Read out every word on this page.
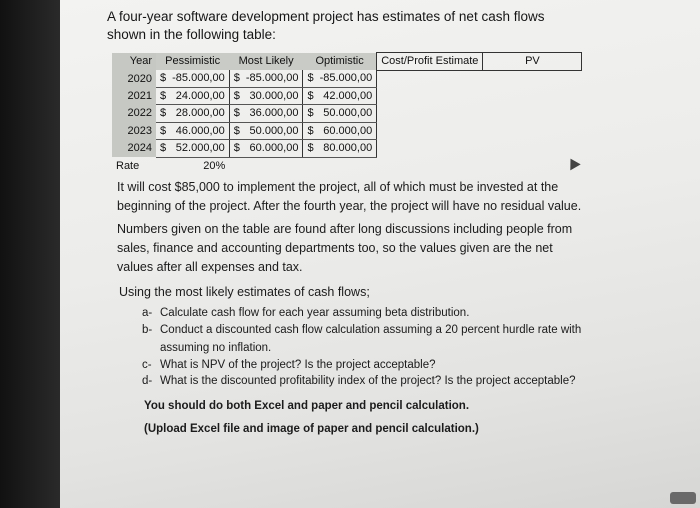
A four-year software development project has estimates of net cash flows shown in the following table:
Year	Pessimistic		Most Likely		Optimistic		Cost/Profit Estimate	PV
2020	$	-85.000,00	$	-85.000,00	$	-85.000,00		
2021	$	24.000,00	$	30.000,00	$	42.000,00		
2022	$	28.000,00	$	36.000,00	$	50.000,00		
2023	$	46.000,00	$	50.000,00	$	60.000,00		
2024	$	52.000,00	$	60.000,00	$	80.000,00		
Rate	20%							
It will cost $85,000 to implement the project, all of which must be invested at the beginning of the project. After the fourth year, the project will have no residual value.
Numbers given on the table are found after long discussions including people from sales, finance and accounting departments too, so the values given are the net values after all expenses and tax.
Using the most likely estimates of cash flows;
a- Calculate cash flow for each year assuming beta distribution.
b- Conduct a discounted cash flow calculation assuming a 20 percent hurdle rate with
assuming no inflation.
c- What is NPV of the project? Is the project acceptable?
d- What is the discounted profitability index of the project? Is the project acceptable?
You should do both Excel and paper and pencil calculation.
(Upload Excel file and image of paper and pencil calculation.)
